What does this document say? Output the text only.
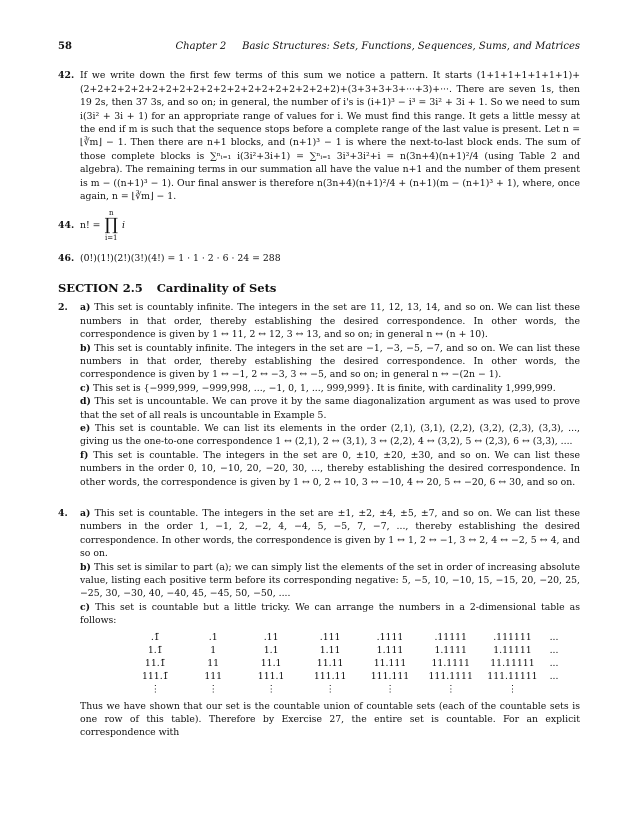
58	Chapter 2 Basic Structures: Sets, Functions, Sequences, Sums, and Matrices
42. If we write down the first few terms of this sum we notice a pattern. It starts (1+1+1+1+1+1+1)+(2+2+2+2+2+2+2+2+2+2+2+2+2+2+2+2+2+2+2)+(3+3+3+3+···+3)+···. There are seven 1s, then 19 2s, then 37 3s, and so on; in general, the number of i's is (i+1)³ − i³ = 3i² + 3i + 1. So we need to sum i(3i² + 3i + 1) for an appropriate range of values for i. We must find this range. It gets a little messy at the end if m is such that the sequence stops before a complete range of the last value is present. Let n = ⌊∛m⌋ − 1. Then there are n+1 blocks, and (n+1)³ − 1 is where the next-to-last block ends. The sum of those complete blocks is ∑ⁿᵢ₌₁ i(3i²+3i+1) = ∑ⁿᵢ₌₁ 3i³+3i²+i = n(3n+4)(n+1)²/4 (using Table 2 and algebra). The remaining terms in our summation all have the value n+1 and the number of them present is m − ((n+1)³ − 1). Our final answer is therefore n(3n+4)(n+1)²/4 + (n+1)(m − (n+1)³ + 1), where, once again, n = ⌊∛m⌋ − 1.
44. n! =
n
∏
i=1
i
46. (0!)(1!)(2!)(3!)(4!) = 1 · 1 · 2 · 6 · 24 = 288
SECTION 2.5 Cardinality of Sets
2.	a) This set is countably infinite. The integers in the set are 11, 12, 13, 14, and so on. We can list these numbers in that order, thereby establishing the desired correspondence. In other words, the correspondence is given by 1 ↔ 11, 2 ↔ 12, 3 ↔ 13, and so on; in general n ↔ (n + 10).
b) This set is countably infinite. The integers in the set are −1, −3, −5, −7, and so on. We can list these numbers in that order, thereby establishing the desired correspondence. In other words, the correspondence is given by 1 ↔ −1, 2 ↔ −3, 3 ↔ −5, and so on; in general n ↔ −(2n − 1).
c) This set is {−999,999, −999,998, ..., −1, 0, 1, ..., 999,999}. It is finite, with cardinality 1,999,999.
d) This set is uncountable. We can prove it by the same diagonalization argument as was used to prove that the set of all reals is uncountable in Example 5.
e) This set is countable. We can list its elements in the order (2,1), (3,1), (2,2), (3,2), (2,3), (3,3), ..., giving us the one-to-one correspondence 1 ↔ (2,1), 2 ↔ (3,1), 3 ↔ (2,2), 4 ↔ (3,2), 5 ↔ (2,3), 6 ↔ (3,3), ....
f) This set is countable. The integers in the set are 0, ±10, ±20, ±30, and so on. We can list these numbers in the order 0, 10, −10, 20, −20, 30, ..., thereby establishing the desired correspondence. In other words, the correspondence is given by 1 ↔ 0, 2 ↔ 10, 3 ↔ −10, 4 ↔ 20, 5 ↔ −20, 6 ↔ 30, and so on.
4.	a) This set is countable. The integers in the set are ±1, ±2, ±4, ±5, ±7, and so on. We can list these numbers in the order 1, −1, 2, −2, 4, −4, 5, −5, 7, −7, ..., thereby establishing the desired correspondence. In other words, the correspondence is given by 1 ↔ 1, 2 ↔ −1, 3 ↔ 2, 4 ↔ −2, 5 ↔ 4, and so on.
b) This set is similar to part (a); we can simply list the elements of the set in order of increasing absolute value, listing each positive term before its corresponding negative: 5, −5, 10, −10, 15, −15, 20, −20, 25, −25, 30, −30, 40, −40, 45, −45, 50, −50, ....
c) This set is countable but a little tricky. We can arrange the numbers in a 2-dimensional table as follows:
.1̄	.1	.11	.111	.1111	.11111	.111111	...
1.1̄	1	1.1	1.11	1.111	1.1111	1.11111	...
11.1̄	11	11.1	11.11	11.111	11.1111	11.11111	...
111.1̄	111	111.1	111.11	111.111	111.1111	111.11111	...
⋮	⋮	⋮	⋮	⋮	⋮	⋮	
Thus we have shown that our set is the countable union of countable sets (each of the countable sets is one row of this table). Therefore by Exercise 27, the entire set is countable. For an explicit correspondence with
